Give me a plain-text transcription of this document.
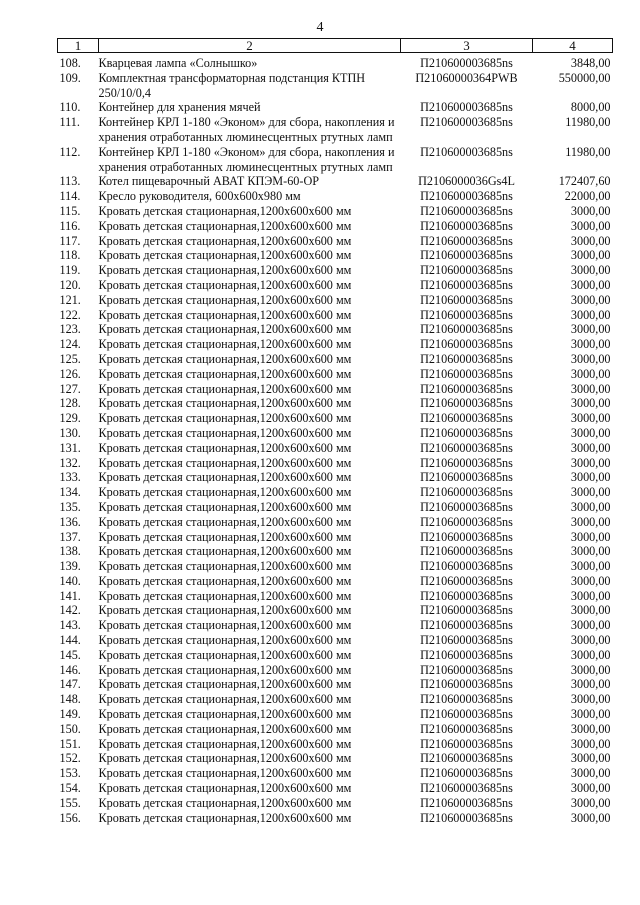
4
1	2	3	4
108.	Кварцевая лампа «Солнышко»	П210600003685ns	3848,00
109.	Комплектная трансформаторная подстанция КТПН 250/10/0,4	П21060000364PWB	550000,00
110.	Контейнер для хранения мячей	П210600003685ns	8000,00
111.	Контейнер КРЛ 1-180 «Эконом» для сбора, накопления и хранения отработанных люминесцентных ртутных ламп	П210600003685ns	11980,00
112.	Контейнер КРЛ 1-180 «Эконом» для сбора, накопления и хранения отработанных люминесцентных ртутных ламп	П210600003685ns	11980,00
113.	Котел пищеварочный АВАТ КПЭМ-60-ОР	П2106000036Gs4L	172407,60
114.	Кресло руководителя, 600х600х980 мм	П210600003685ns	22000,00
115.	Кровать детская стационарная,1200х600х600 мм	П210600003685ns	3000,00
116.	Кровать детская стационарная,1200х600х600 мм	П210600003685ns	3000,00
117.	Кровать детская стационарная,1200х600х600 мм	П210600003685ns	3000,00
118.	Кровать детская стационарная,1200х600х600 мм	П210600003685ns	3000,00
119.	Кровать детская стационарная,1200х600х600 мм	П210600003685ns	3000,00
120.	Кровать детская стационарная,1200х600х600 мм	П210600003685ns	3000,00
121.	Кровать детская стационарная,1200х600х600 мм	П210600003685ns	3000,00
122.	Кровать детская стационарная,1200х600х600 мм	П210600003685ns	3000,00
123.	Кровать детская стационарная,1200х600х600 мм	П210600003685ns	3000,00
124.	Кровать детская стационарная,1200х600х600 мм	П210600003685ns	3000,00
125.	Кровать детская стационарная,1200х600х600 мм	П210600003685ns	3000,00
126.	Кровать детская стационарная,1200х600х600 мм	П210600003685ns	3000,00
127.	Кровать детская стационарная,1200х600х600 мм	П210600003685ns	3000,00
128.	Кровать детская стационарная,1200х600х600 мм	П210600003685ns	3000,00
129.	Кровать детская стационарная,1200х600х600 мм	П210600003685ns	3000,00
130.	Кровать детская стационарная,1200х600х600 мм	П210600003685ns	3000,00
131.	Кровать детская стационарная,1200х600х600 мм	П210600003685ns	3000,00
132.	Кровать детская стационарная,1200х600х600 мм	П210600003685ns	3000,00
133.	Кровать детская стационарная,1200х600х600 мм	П210600003685ns	3000,00
134.	Кровать детская стационарная,1200х600х600 мм	П210600003685ns	3000,00
135.	Кровать детская стационарная,1200х600х600 мм	П210600003685ns	3000,00
136.	Кровать детская стационарная,1200х600х600 мм	П210600003685ns	3000,00
137.	Кровать детская стационарная,1200х600х600 мм	П210600003685ns	3000,00
138.	Кровать детская стационарная,1200х600х600 мм	П210600003685ns	3000,00
139.	Кровать детская стационарная,1200х600х600 мм	П210600003685ns	3000,00
140.	Кровать детская стационарная,1200х600х600 мм	П210600003685ns	3000,00
141.	Кровать детская стационарная,1200х600х600 мм	П210600003685ns	3000,00
142.	Кровать детская стационарная,1200х600х600 мм	П210600003685ns	3000,00
143.	Кровать детская стационарная,1200х600х600 мм	П210600003685ns	3000,00
144.	Кровать детская стационарная,1200х600х600 мм	П210600003685ns	3000,00
145.	Кровать детская стационарная,1200х600х600 мм	П210600003685ns	3000,00
146.	Кровать детская стационарная,1200х600х600 мм	П210600003685ns	3000,00
147.	Кровать детская стационарная,1200х600х600 мм	П210600003685ns	3000,00
148.	Кровать детская стационарная,1200х600х600 мм	П210600003685ns	3000,00
149.	Кровать детская стационарная,1200х600х600 мм	П210600003685ns	3000,00
150.	Кровать детская стационарная,1200х600х600 мм	П210600003685ns	3000,00
151.	Кровать детская стационарная,1200х600х600 мм	П210600003685ns	3000,00
152.	Кровать детская стационарная,1200х600х600 мм	П210600003685ns	3000,00
153.	Кровать детская стационарная,1200х600х600 мм	П210600003685ns	3000,00
154.	Кровать детская стационарная,1200х600х600 мм	П210600003685ns	3000,00
155.	Кровать детская стационарная,1200х600х600 мм	П210600003685ns	3000,00
156.	Кровать детская стационарная,1200х600х600 мм	П210600003685ns	3000,00
